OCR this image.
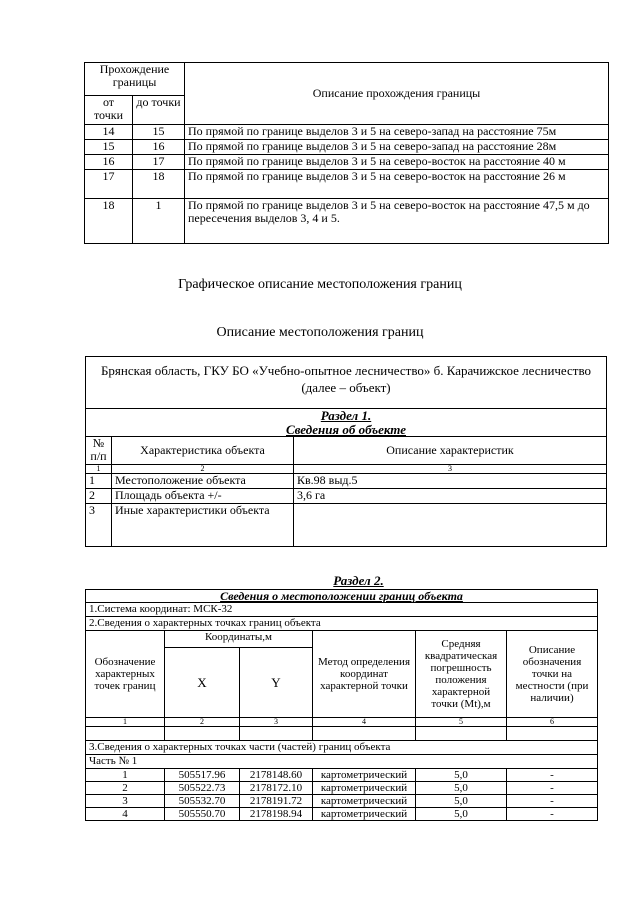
Прохождение границы		Описание прохождения границы
от точки	до точки	
14	15	По прямой по границе выделов 3 и 5 на северо-запад на расстояние 75м
15	16	По прямой по границе выделов 3 и 5 на северо-запад на расстояние 28м
16	17	По прямой по границе выделов 3 и 5 на северо-восток на расстояние 40 м
17	18	По прямой по границе выделов 3 и 5 на северо-восток на расстояние 26 м
18	1	По прямой по границе выделов 3 и 5 на северо-восток на расстояние 47,5 м до пересечения выделов 3, 4 и 5.
Графическое описание местоположения границ
Описание местоположения границ
Брянская область, ГКУ БО «Учебно-опытное лесничество» б. Карачижское лесничество (далее – объект)		
Раздел 1.		
Сведения об объекте		
№ п/п	Характеристика объекта	Описание характеристик
1	2	3
1	Местоположение объекта	Кв.98 выд.5
2	Площадь объекта +/-	3,6 га
3	Иные характеристики объекта	
Раздел 2.
Сведения о местоположении границ объекта					
1.Система координат: МСК-32					
2.Сведения о характерных точках границ объекта					
Обозначение характерных точек границ	Координаты,м		Метод определения координат характерной точки	Средняя квадратическая погрешность положения характерной точки (Mt),м	Описание обозначения точки на местности (при наличии)
	X	Y			
1	2	3	4	5	6

3.Сведения о характерных точках части (частей) границ объекта					
Часть № 1					
1	505517.96	2178148.60	картометрический	5,0	-
2	505522.73	2178172.10	картометрический	5,0	-
3	505532.70	2178191.72	картометрический	5,0	-
4	505550.70	2178198.94	картометрический	5,0	-
